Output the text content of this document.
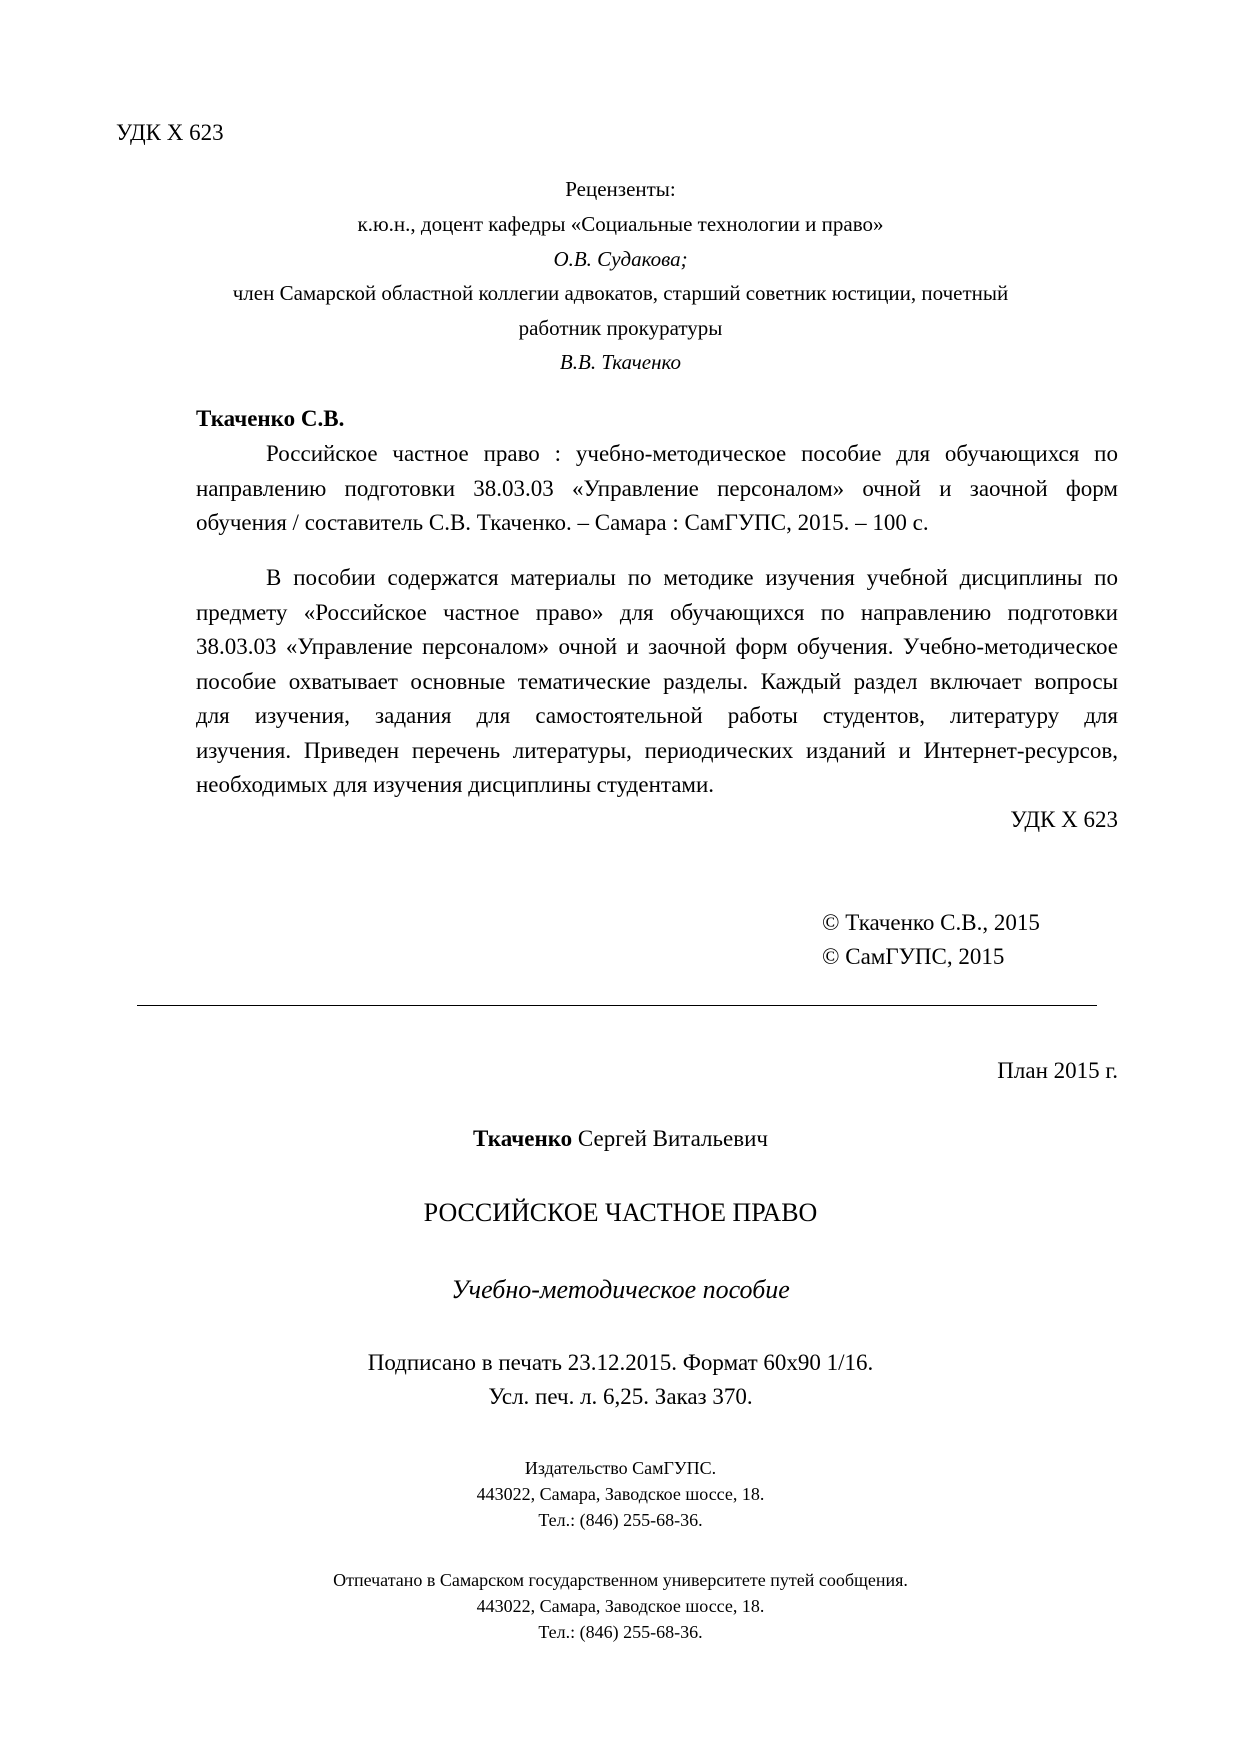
УДК Х 623
Рецензенты:
к.ю.н., доцент кафедры «Социальные технологии и право»
О.В. Судакова;
член Самарской областной коллегии адвокатов, старший советник юстиции, почетный
работник прокуратуры
В.В. Ткаченко
Ткаченко С.В.
Российское частное право : учебно-методическое пособие для обучающихся по
направлению подготовки 38.03.03 «Управление персоналом» очной и заочной форм
обучения / составитель С.В. Ткаченко. – Самара : СамГУПС, 2015. – 100 с.
В пособии содержатся материалы по методике изучения учебной дисциплины по
предмету «Российское частное право» для обучающихся по направлению подготовки
38.03.03 «Управление персоналом» очной и заочной форм обучения. Учебно-методическое
пособие охватывает основные тематические разделы. Каждый раздел включает вопросы
для изучения, задания для самостоятельной работы студентов, литературу для
изучения. Приведен перечень литературы, периодических изданий и Интернет-ресурсов,
необходимых для изучения дисциплины студентами.
УДК Х 623
© Ткаченко С.В., 2015
© СамГУПС, 2015
План 2015 г.
Ткаченко Сергей Витальевич
РОССИЙСКОЕ ЧАСТНОЕ ПРАВО
Учебно-методическое пособие
Подписано в печать 23.12.2015. Формат 60х90 1/16.
Усл. печ. л. 6,25. Заказ 370.
Издательство СамГУПС.
443022, Самара, Заводское шоссе, 18.
Тел.: (846) 255-68-36.
Отпечатано в Самарском государственном университете путей сообщения.
443022, Самара, Заводское шоссе, 18.
Тел.: (846) 255-68-36.
